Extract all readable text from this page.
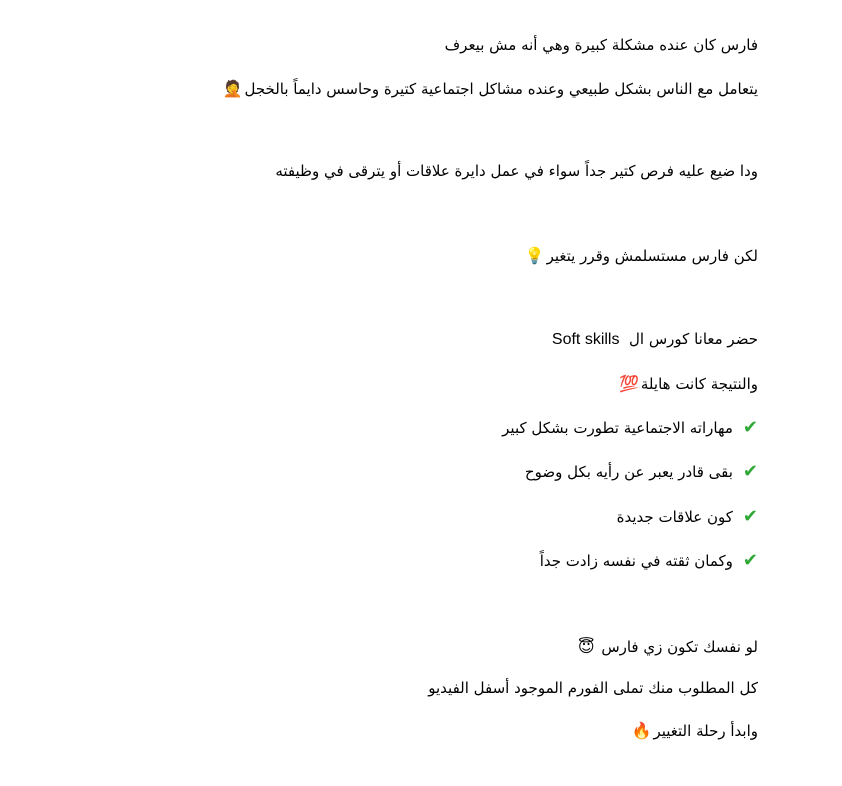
فارس كان عنده مشكلة كبيرة وهي أنه مش بيعرف
يتعامل مع الناس بشكل طبيعي وعنده مشاكل اجتماعية كتيرة وحاسس دايماً بالخجل🤦
ودا ضيع عليه فرص كتير جداً سواء في عمل دايرة علاقات أو يترقى في وظيفته
لكن فارس مستسلمش وقرر يتغير💡
حضر معانا كورس ال  Soft skills
والنتيجة كانت هايلة💯
✔مهاراته الاجتماعية تطورت بشكل كبير
✔بقى قادر يعبر عن رأيه بكل وضوح
✔كون علاقات جديدة
✔وكمان ثقته في نفسه زادت جداً
لو نفسك تكون زي فارس 😇
كل المطلوب منك تملى الفورم الموجود أسفل الفيديو
وابدأ رحلة التغيير🔥
